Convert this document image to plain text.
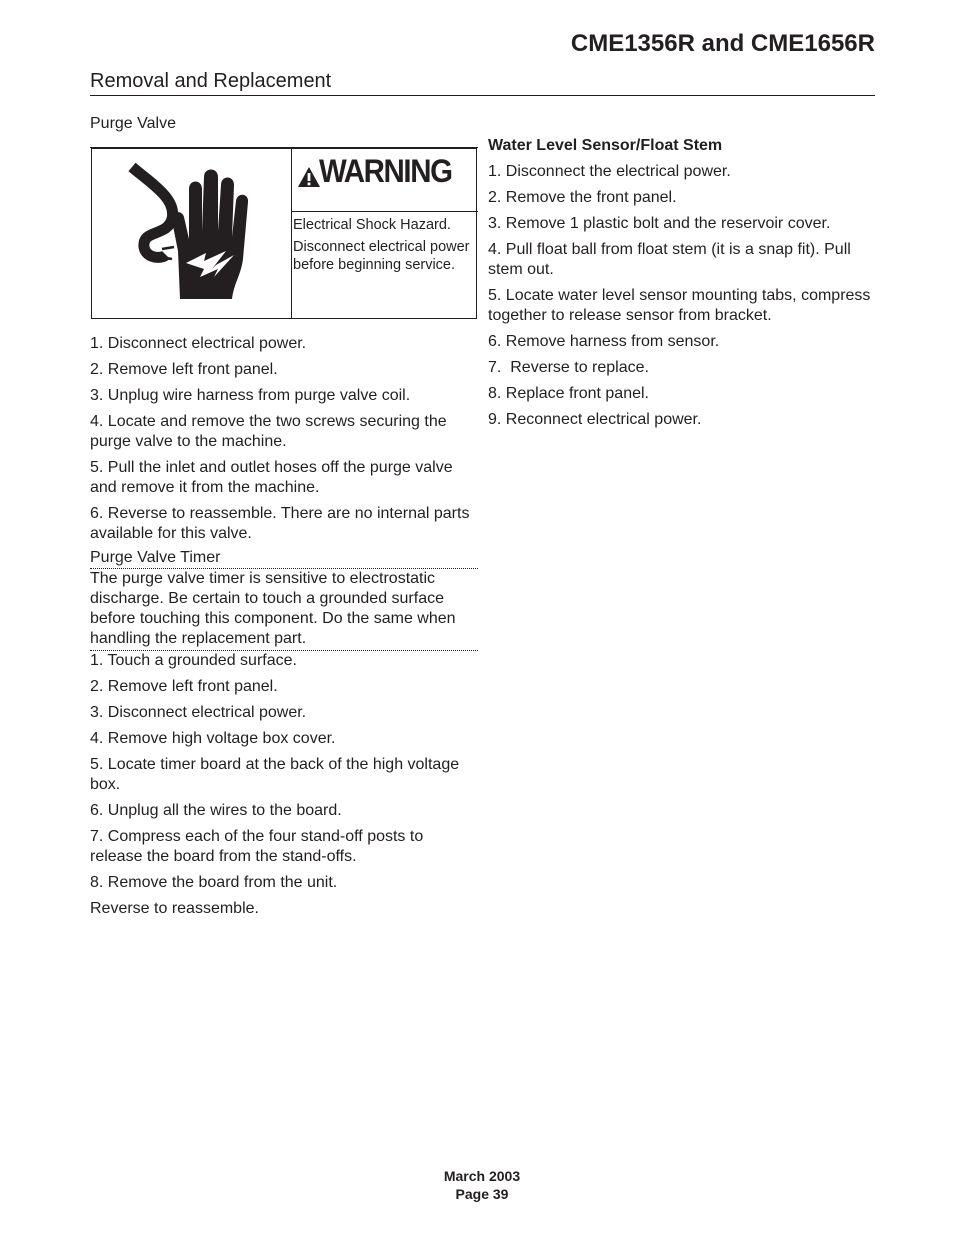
CME1356R and CME1656R
Removal and Replacement

Purge Valve

WARNING
Electrical Shock Hazard.
Disconnect electrical power before beginning service.

1. Disconnect electrical power.

2. Remove left front panel.

3. Unplug wire harness from purge valve coil.

4. Locate and remove the two screws securing the purge valve to the machine.

5. Pull the inlet and outlet hoses off the purge valve and remove it from the machine.

6. Reverse to reassemble. There are no internal parts available for this valve.

Purge Valve Timer

The purge valve timer is sensitive to electrostatic discharge. Be certain to touch a grounded surface before touching this component. Do the same when handling the replacement part.

1. Touch a grounded surface.

2. Remove left front panel.

3. Disconnect electrical power.

4. Remove high voltage box cover.

5. Locate timer board at the back of the high voltage box.

6. Unplug all the wires to the board.

7. Compress each of the four stand-off posts to release the board from the stand-offs.

8. Remove the board from the unit.

Reverse to reassemble.

Water Level Sensor/Float Stem

1. Disconnect the electrical power.

2. Remove the front panel.

3. Remove 1 plastic bolt and the reservoir cover.

4. Pull float ball from float stem (it is a snap fit). Pull stem out.

5. Locate water level sensor mounting tabs, compress together to release sensor from bracket.

6. Remove harness from sensor.

7.  Reverse to replace.

8. Replace front panel.

9. Reconnect electrical power.

March 2003
Page 39
